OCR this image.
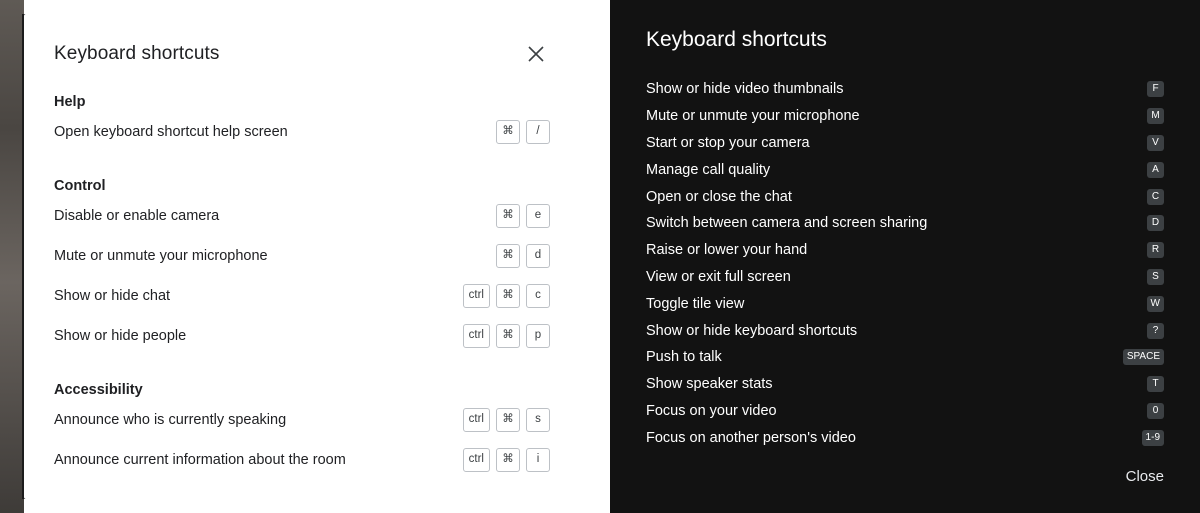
Keyboard shortcuts
Help
Open keyboard shortcut help screen	⌘	/
Control
Disable or enable camera	⌘	e
Mute or unmute your microphone	⌘	d
Show or hide chat	ctrl	⌘	c
Show or hide people	ctrl	⌘	p
Accessibility
Announce who is currently speaking	ctrl	⌘	s
Announce current information about the room	ctrl	⌘	i
Keyboard shortcuts
Show or hide video thumbnails	F
Mute or unmute your microphone	M
Start or stop your camera	V
Manage call quality	A
Open or close the chat	C
Switch between camera and screen sharing	D
Raise or lower your hand	R
View or exit full screen	S
Toggle tile view	W
Show or hide keyboard shortcuts	?
Push to talk	SPACE
Show speaker stats	T
Focus on your video	0
Focus on another person's video	1-9
Close
